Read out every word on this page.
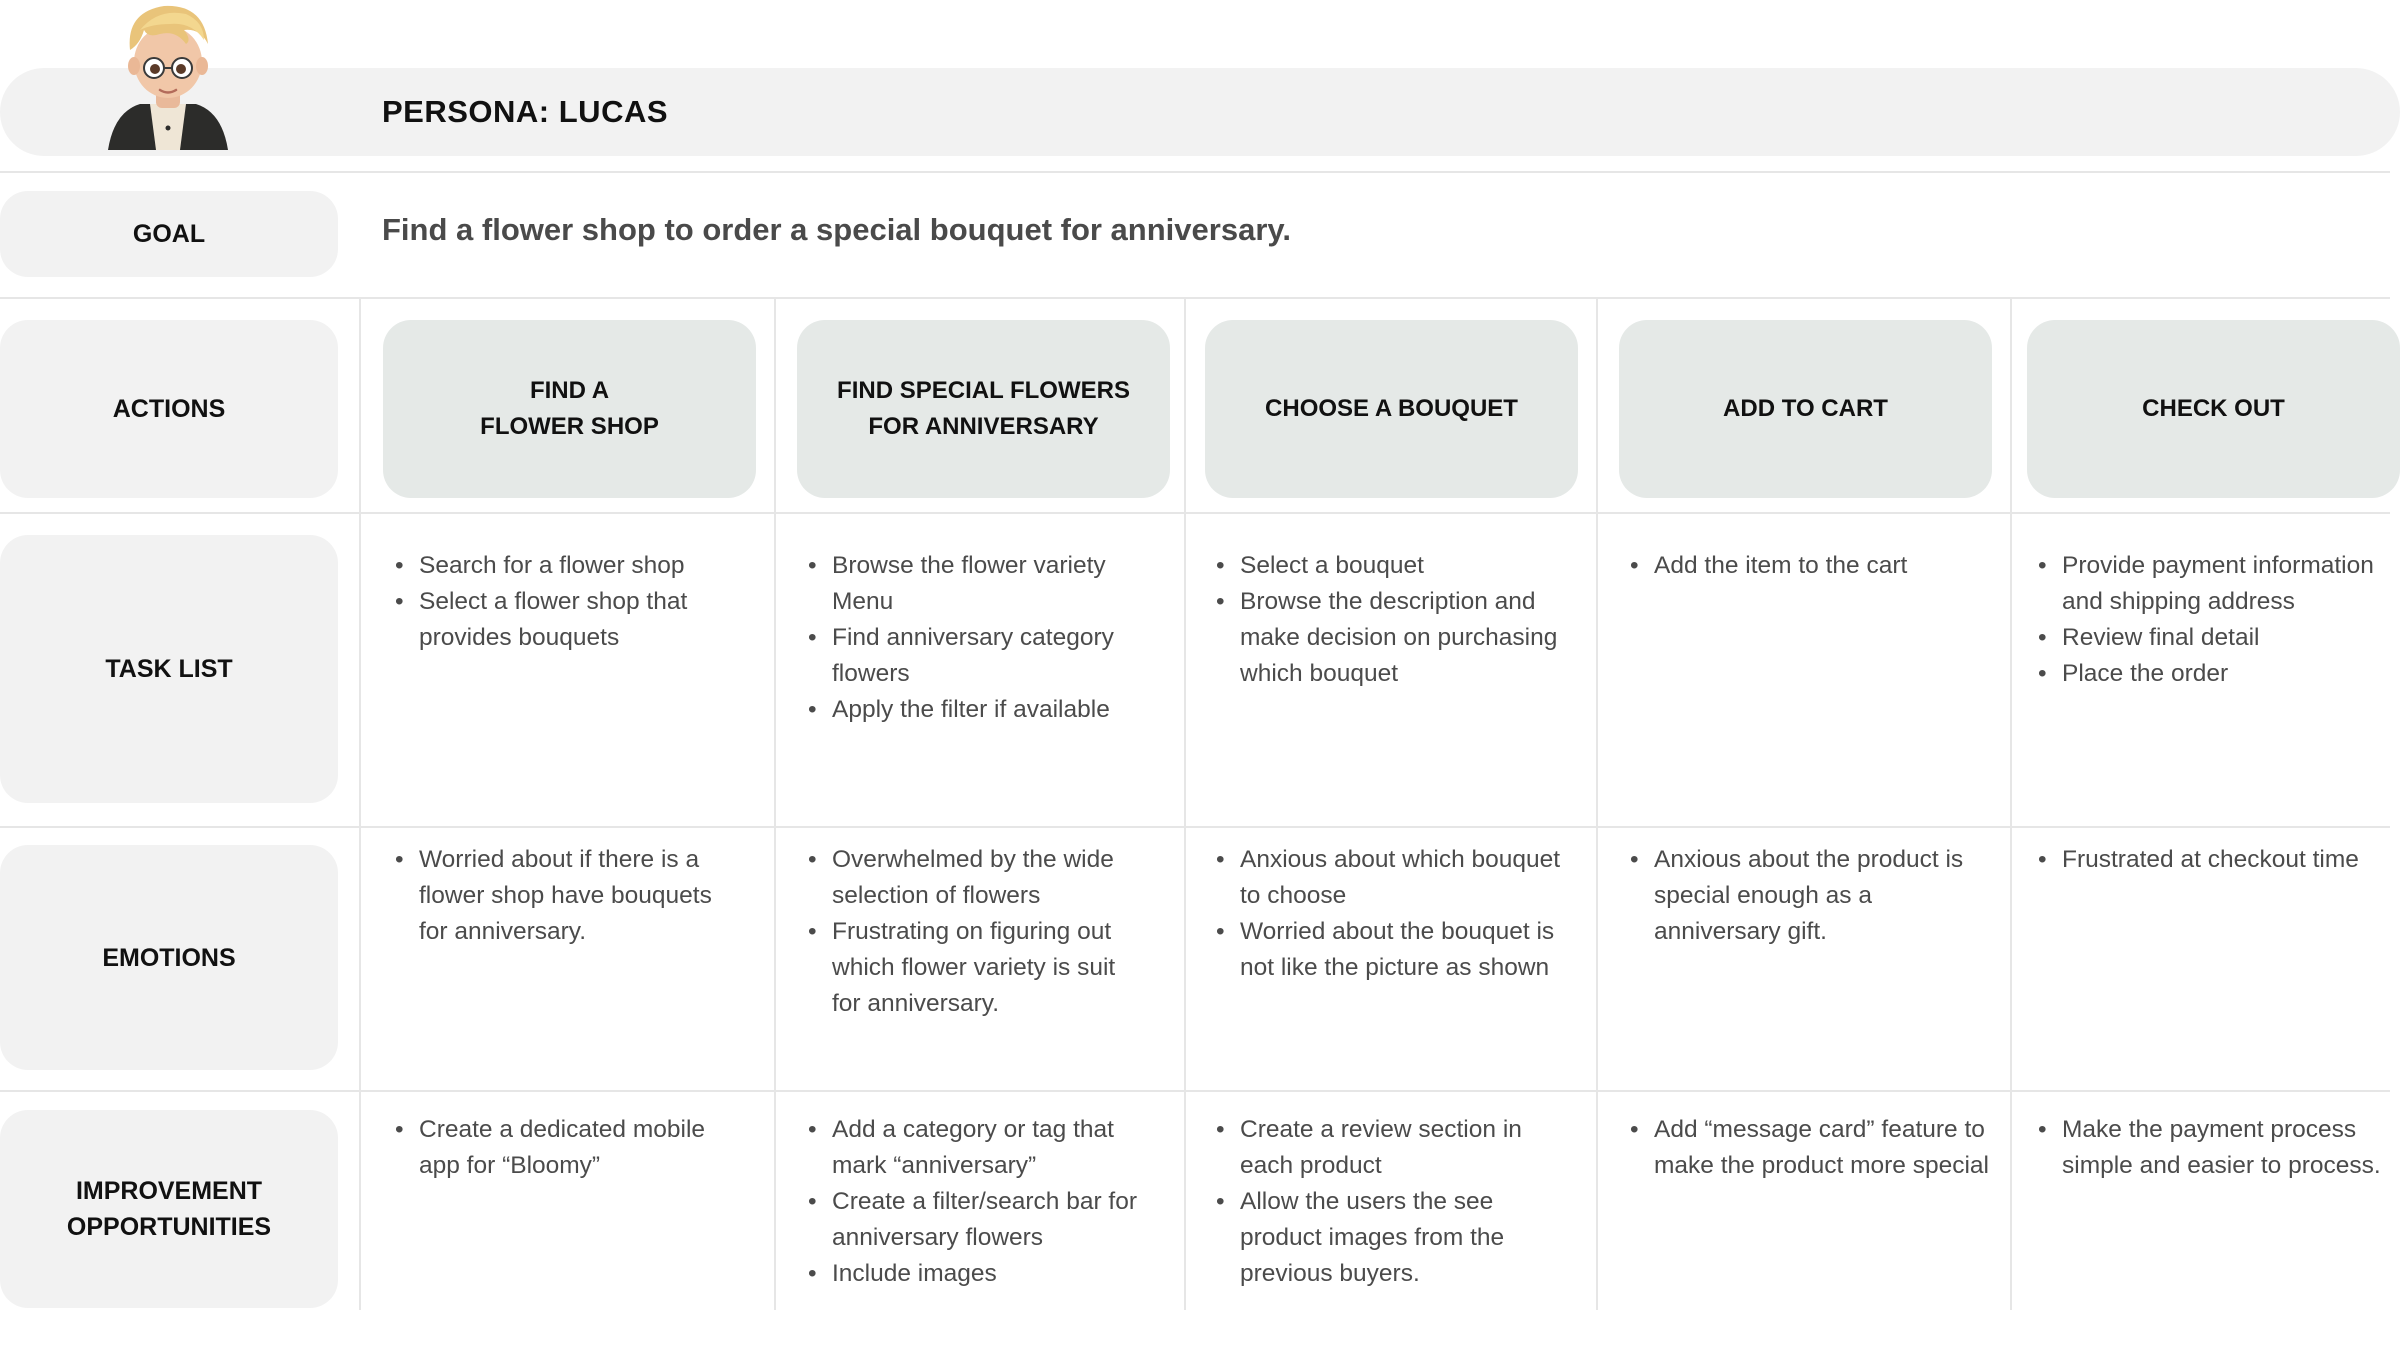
PERSONA: LUCAS
GOAL	Find a flower shop to order a special bouquet for anniversary.
ACTIONS
TASK LIST
EMOTIONS
IMPROVEMENT
OPPORTUNITIES
FIND A
FLOWER SHOP
FIND SPECIAL FLOWERS
FOR ANNIVERSARY
CHOOSE A BOUQUET	ADD TO CART	CHECK OUT
• Search for a flower shop
• Select a flower shop that provides bouquets
• Browse the flower variety Menu
• Find anniversary category flowers
• Apply the filter if available
• Select a bouquet
• Browse the description and make decision on purchasing which bouquet
• Add the item to the cart
•	Provide payment information and shipping address
• Review final detail
• Place the order
• Worried about if there is a flower shop have bouquets for anniversary.
• Overwhelmed by the wide selection of flowers
• Frustrating on figuring out which flower variety is suit for anniversary.
• Anxious about which bouquet to choose
• Worried about the bouquet is not like the picture as shown
• Anxious about the product is special enough as a anniversary gift.
• Frustrated at checkout time
• Create a dedicated mobile app for “Bloomy”
• Add a category or tag that mark “anniversary”
• Create a filter/search bar for anniversary flowers
• Include images
• Create a review section in each product
• Allow the users the see product images from the previous buyers.
• Add “message card” feature to make the product more special
• Make the payment process simple and easier to process.
